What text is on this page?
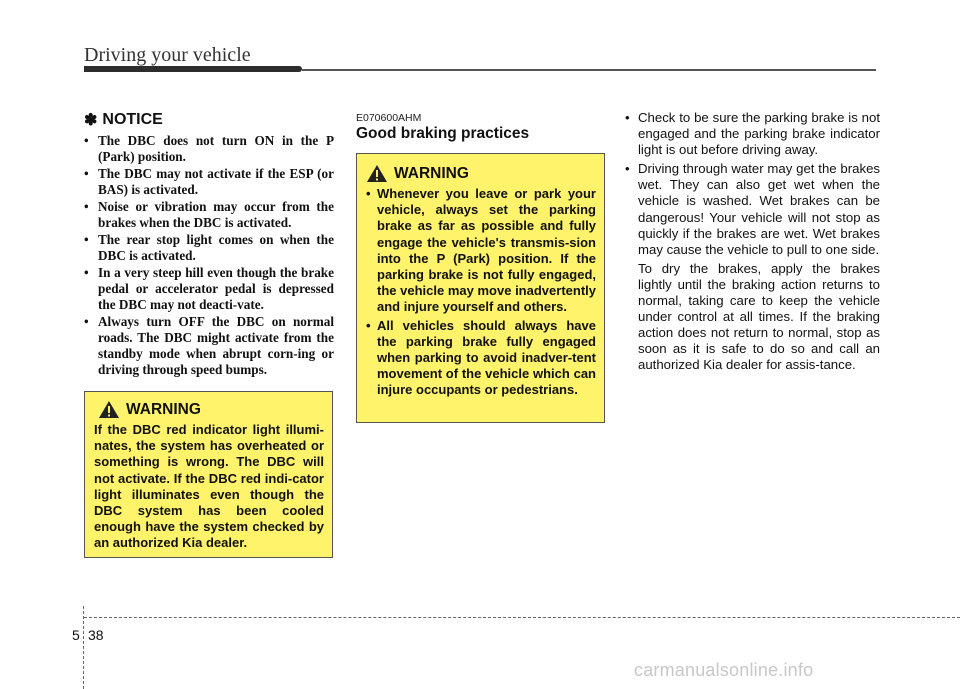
Driving your vehicle
✽ NOTICE
• The DBC does not turn ON in the P (Park) position.
• The DBC may not activate if the ESP (or BAS) is activated.
• Noise or vibration may occur from the brakes when the DBC is activated.
• The rear stop light comes on when the DBC is activated.
• In a very steep hill even though the brake pedal or accelerator pedal is depressed the DBC may not deacti-vate.
• Always turn OFF the DBC on normal roads. The DBC might activate from the standby mode when abrupt corn-ing or driving through speed bumps.
WARNING
If the DBC red indicator light illumi-nates, the system has overheated or something is wrong. The DBC will not activate. If the DBC red indi-cator light illuminates even though the DBC system has been cooled enough have the system checked by an authorized Kia dealer.
E070600AHM
Good braking practices
WARNING
• Whenever you leave or park your vehicle, always set the parking brake as far as possible and fully engage the vehicle's transmis-sion into the P (Park) position. If the parking brake is not fully engaged, the vehicle may move inadvertently and injure yourself and others.
• All vehicles should always have the parking brake fully engaged when parking to avoid inadver-tent movement of the vehicle which can injure occupants or pedestrians.
• Check to be sure the parking brake is not engaged and the parking brake indicator light is out before driving away.
• Driving through water may get the brakes wet. They can also get wet when the vehicle is washed. Wet brakes can be dangerous! Your vehicle will not stop as quickly if the brakes are wet. Wet brakes may cause the vehicle to pull to one side.

To dry the brakes, apply the brakes lightly until the braking action returns to normal, taking care to keep the vehicle under control at all times. If the braking action does not return to normal, stop as soon as it is safe to do so and call an authorized Kia dealer for assis-tance.

5 38
carmanualsonline.info
